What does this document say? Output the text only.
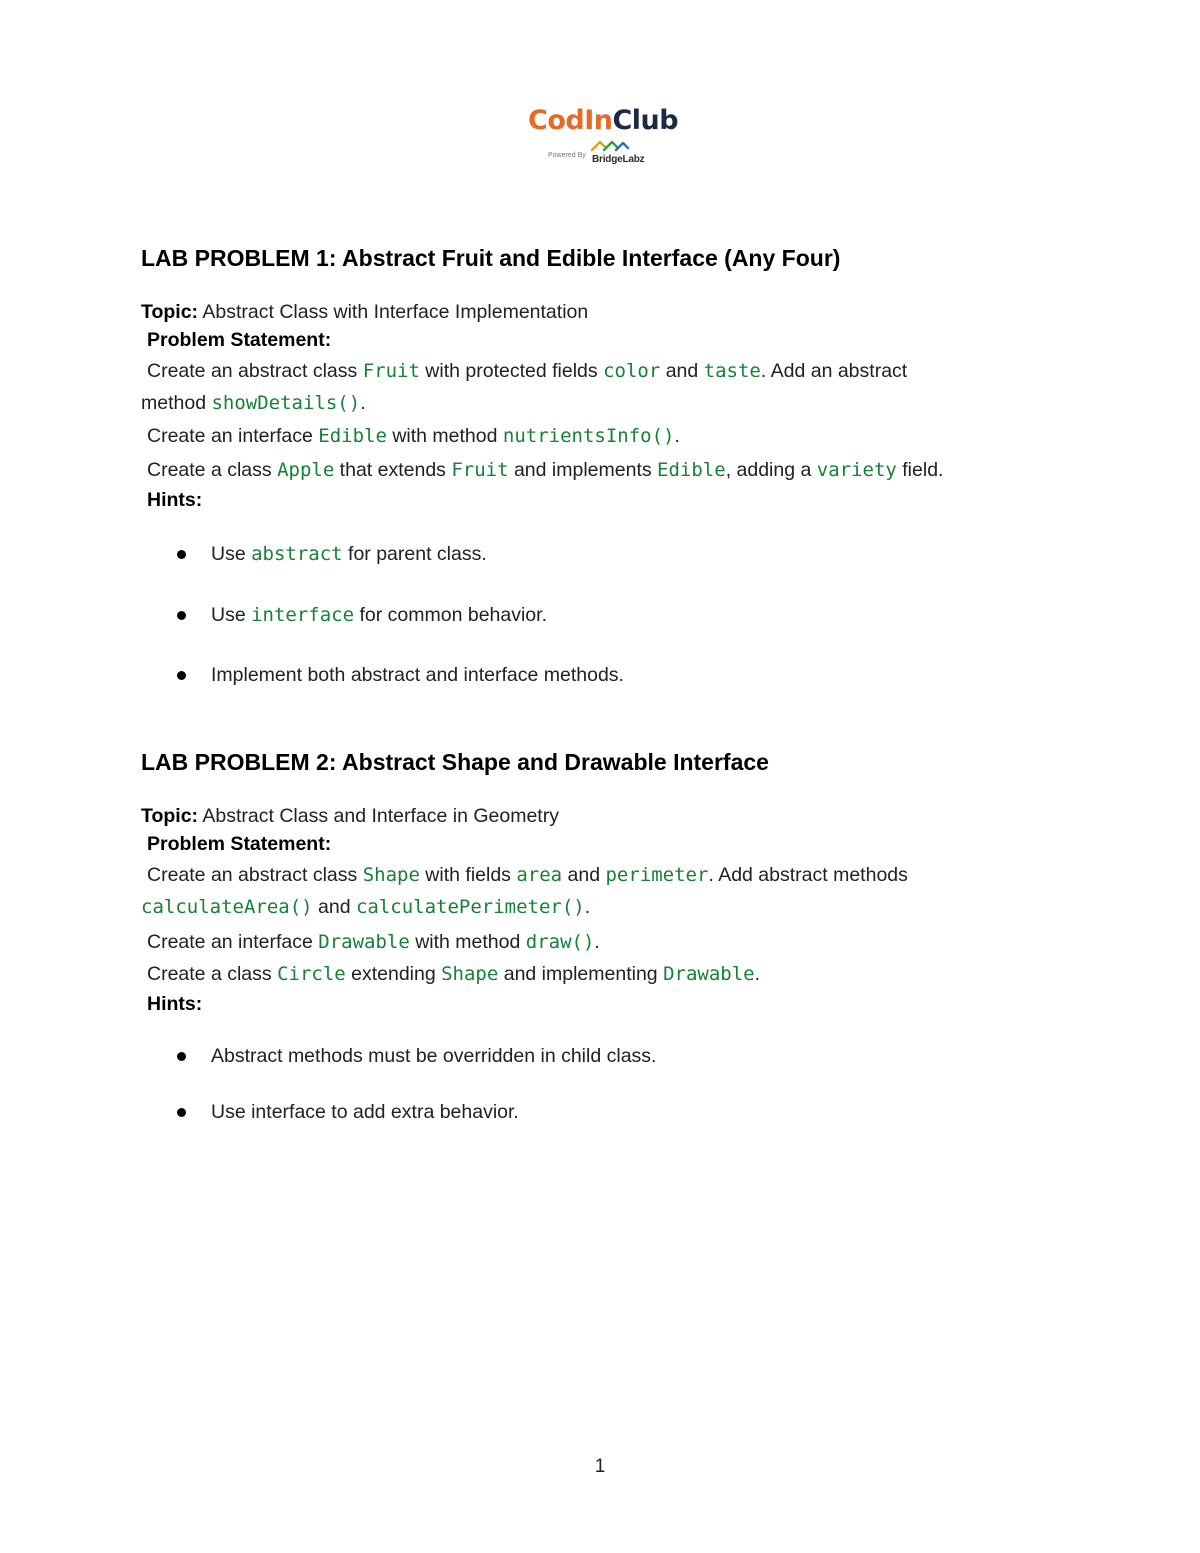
CodInClub
Powered By BridgeLabz
LAB PROBLEM 1: Abstract Fruit and Edible Interface (Any Four)
Topic: Abstract Class with Interface Implementation
Problem Statement:
Create an abstract class Fruit with protected fields color and taste. Add an abstract
method showDetails().
Create an interface Edible with method nutrientsInfo().
Create a class Apple that extends Fruit and implements Edible, adding a variety field.
Hints:
Use abstract for parent class.
Use interface for common behavior.
Implement both abstract and interface methods.
LAB PROBLEM 2: Abstract Shape and Drawable Interface
Topic: Abstract Class and Interface in Geometry
Problem Statement:
Create an abstract class Shape with fields area and perimeter. Add abstract methods
calculateArea() and calculatePerimeter().
Create an interface Drawable with method draw().
Create a class Circle extending Shape and implementing Drawable.
Hints:
Abstract methods must be overridden in child class.
Use interface to add extra behavior.
1
